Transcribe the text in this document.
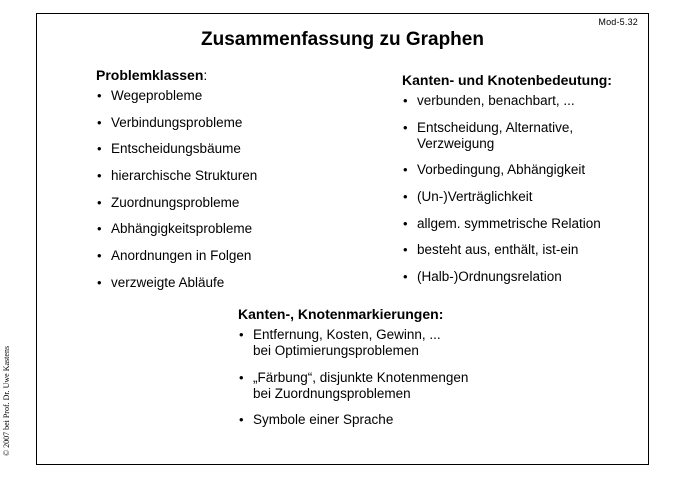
Mod-5.32
Zusammenfassung zu Graphen
Problemklassen:
• Wegeprobleme
• Verbindungsprobleme
• Entscheidungsbäume
• hierarchische Strukturen
• Zuordnungsprobleme
• Abhängigkeitsprobleme
• Anordnungen in Folgen
• verzweigte Abläufe
Kanten- und Knotenbedeutung:
• verbunden, benachbart, ...
• Entscheidung, Alternative,
Verzweigung
• Vorbedingung, Abhängigkeit
• (Un-)Verträglichkeit
• allgem. symmetrische Relation
• besteht aus, enthält, ist-ein
• (Halb-)Ordnungsrelation
Kanten-, Knotenmarkierungen:
• Entfernung, Kosten, Gewinn, ...
bei Optimierungsproblemen
• „Färbung“, disjunkte Knotenmengen
bei Zuordnungsproblemen
• Symbole einer Sprache
© 2007 bei Prof. Dr. Uwe Kastens
